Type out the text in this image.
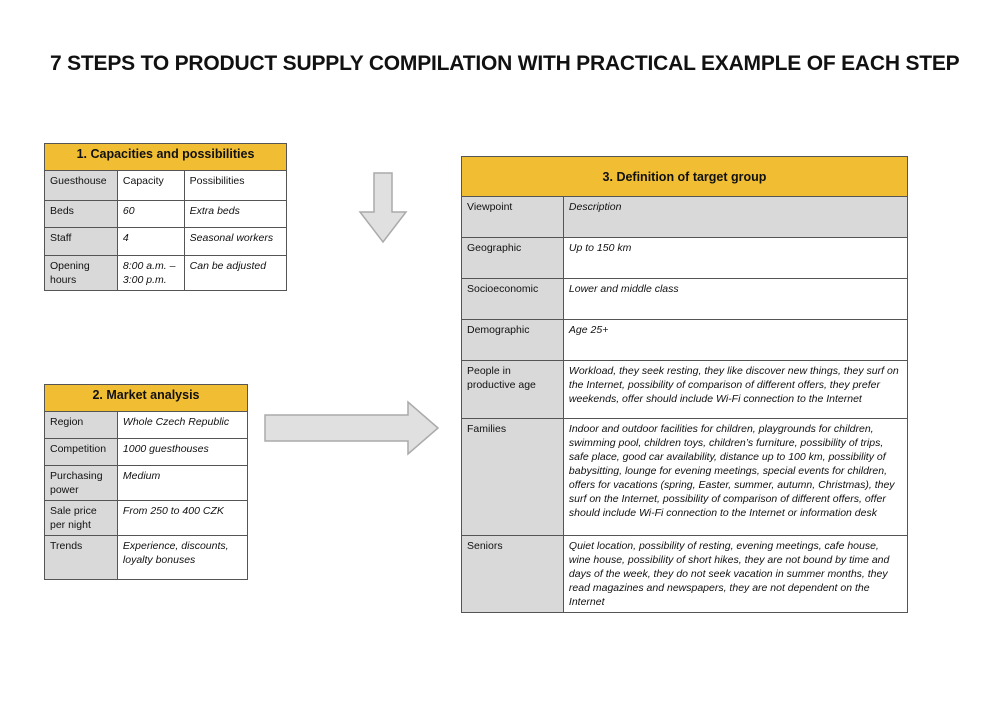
7 STEPS TO PRODUCT SUPPLY COMPILATION WITH PRACTICAL EXAMPLE OF EACH STEP
1. Capacities and possibilities		
Guesthouse	Capacity	Possibilities
Beds	60	Extra beds
Staff	4	Seasonal workers
Opening hours	8:00 a.m. – 3:00 p.m.	Can be adjusted
2. Market analysis	
Region	Whole Czech Republic
Competition	1000 guesthouses
Purchasing power	Medium
Sale price per night	From 250 to 400 CZK
Trends	Experience, discounts, loyalty bonuses
3. Definition of target group	
Viewpoint	Description
Geographic	Up to 150 km
Socioeconomic	Lower and middle class
Demographic	Age 25+
People in productive age	Workload, they seek resting, they like discover new things, they surf on the Internet, possibility of comparison of different offers, they prefer weekends, offer should include Wi-Fi connection to the Internet
Families	Indoor and outdoor facilities for children, playgrounds for children, swimming pool, children toys, children’s furniture, possibility of trips, safe place, good car availability, distance up to 100 km, possibility of babysitting, lounge for evening meetings, special events for children, offers for vacations (spring, Easter, summer, autumn, Christmas), they surf on the Internet, possibility of comparison of different offers, offer should include Wi-Fi connection to the Internet or information desk
Seniors	Quiet location, possibility of resting, evening meetings, cafe house, wine house, possibility of short hikes, they are not bound by time and days of the week, they do not seek vacation in summer months, they read magazines and newspapers, they are not dependent on the Internet
